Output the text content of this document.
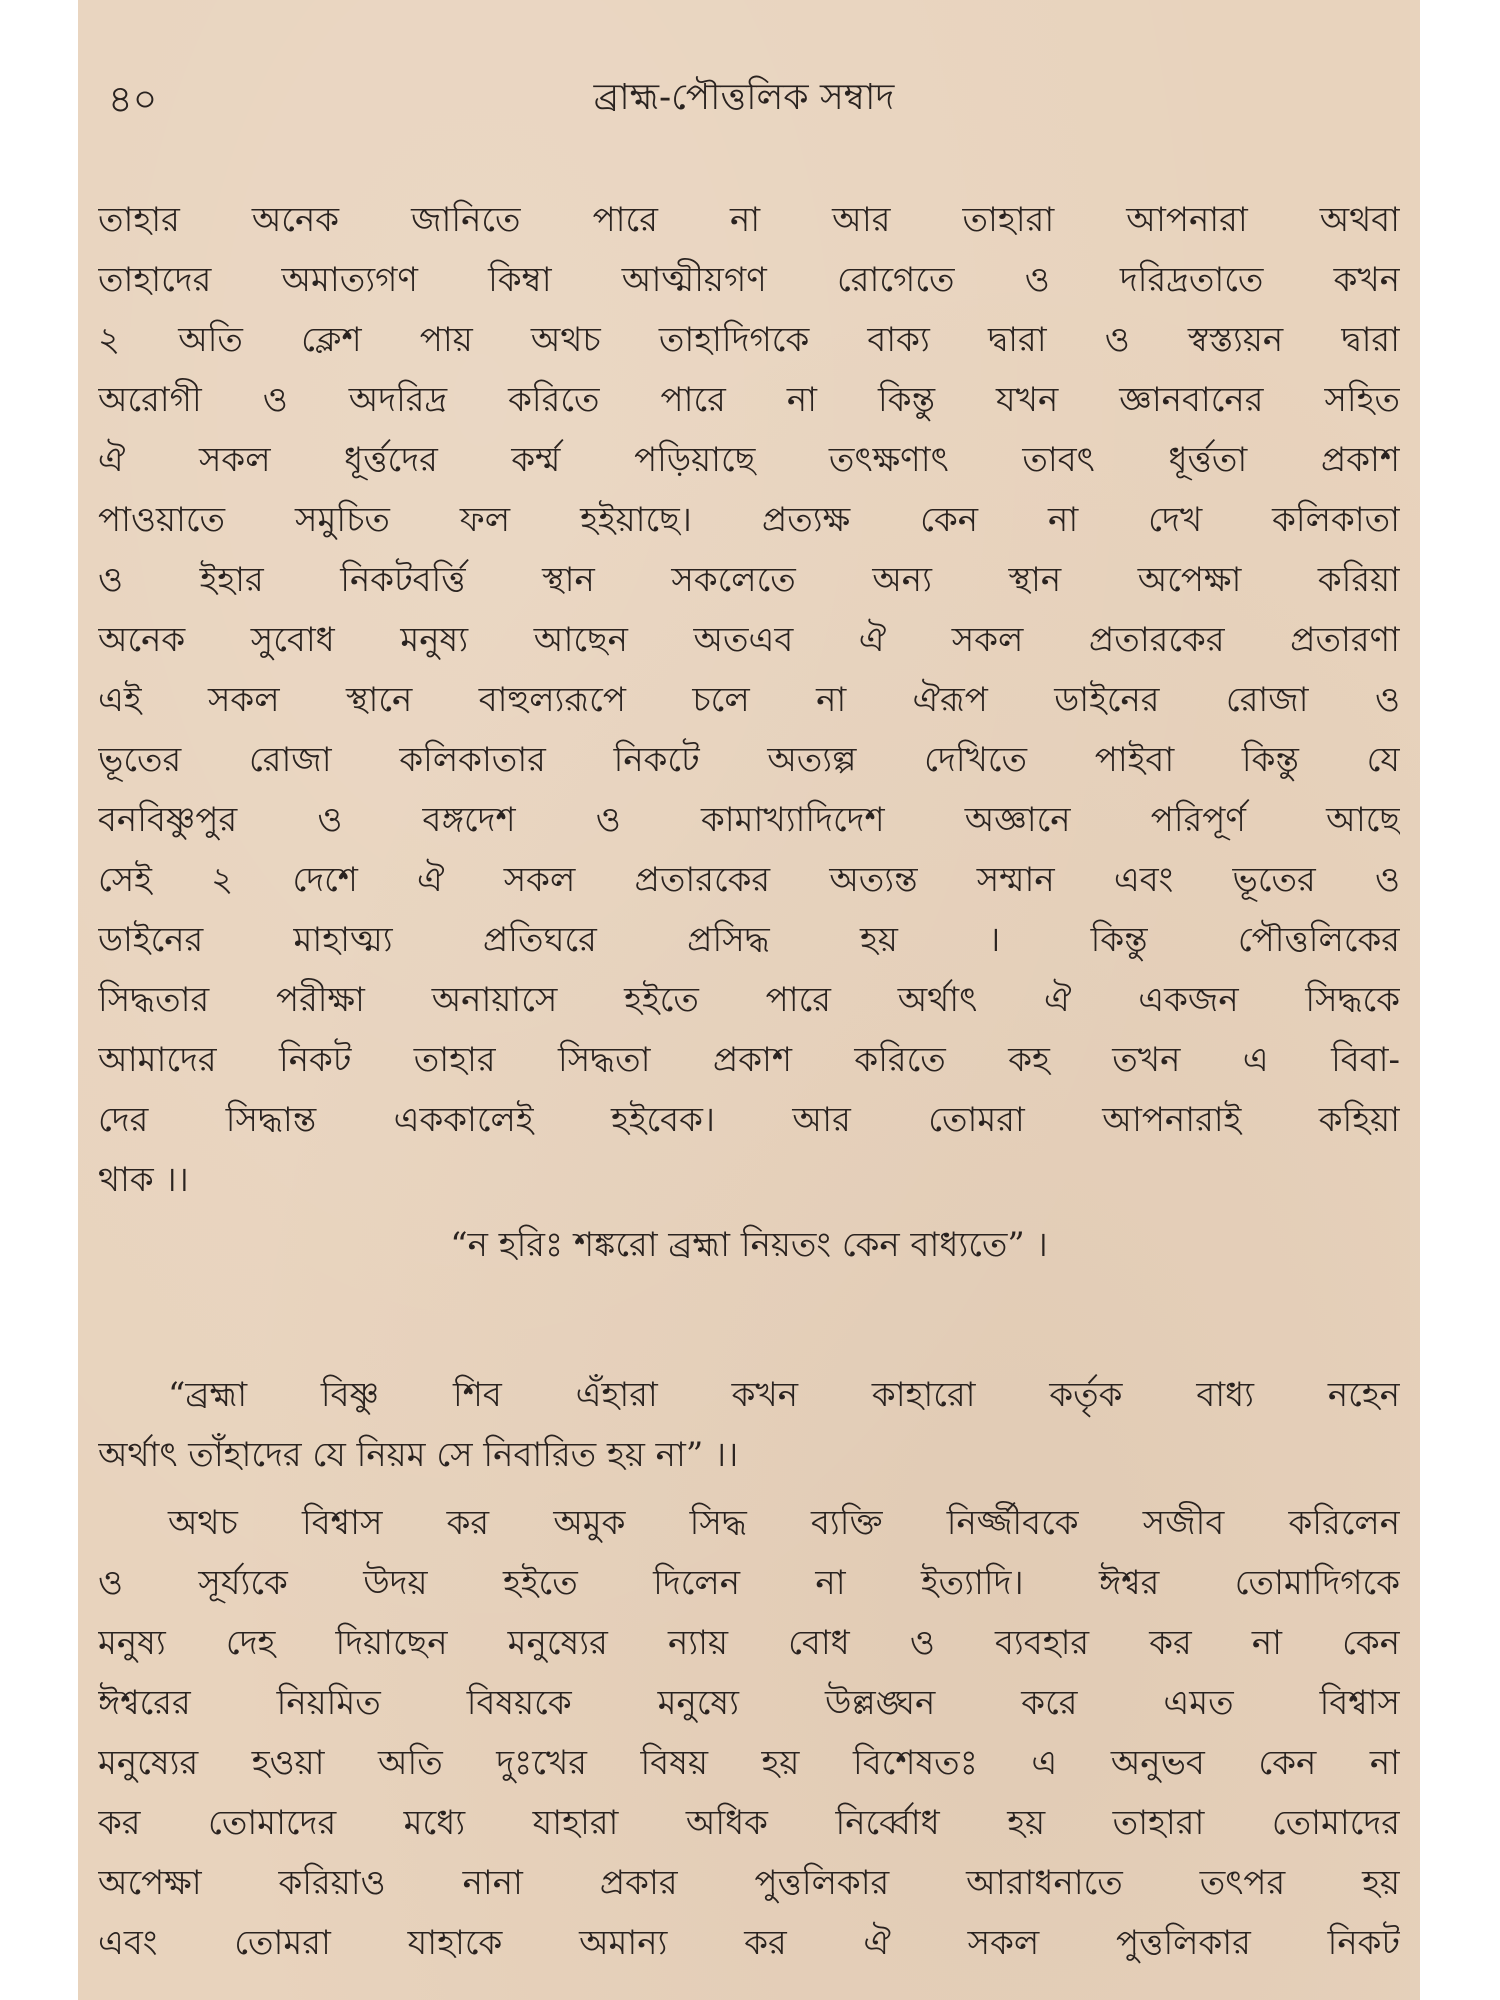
৪০	ব্রাহ্ম-পৌত্তলিক সম্বাদ
তাহার অনেক জানিতে পারে না আর তাহারা আপনারা অথবা
তাহাদের অমাত্যগণ কিম্বা আত্মীয়গণ রোগেতে ও দরিদ্রতাতে কখন
২ অতি ক্লেশ পায় অথচ তাহাদিগকে বাক্য দ্বারা ও স্বস্ত্যয়ন দ্বারা
অরোগী ও অদরিদ্র করিতে পারে না কিন্তু যখন জ্ঞানবানের সহিত
ঐ সকল ধূর্ত্তদের কর্ম্ম পড়িয়াছে তৎক্ষণাৎ তাবৎ ধূর্ত্ততা প্রকাশ
পাওয়াতে সমুচিত ফল হইয়াছে। প্রত্যক্ষ কেন না দেখ কলিকাতা
ও ইহার নিকটবর্ত্তি স্থান সকলেতে অন্য স্থান অপেক্ষা করিয়া
অনেক সুবোধ মনুষ্য আছেন অতএব ঐ সকল প্রতারকের প্রতারণা
এই সকল স্থানে বাহুল্যরূপে চলে না ঐরূপ ডাইনের রোজা ও
ভূতের রোজা কলিকাতার নিকটে অত্যল্প দেখিতে পাইবা কিন্তু যে
বনবিষ্ণুপুর ও বঙ্গদেশ ও কামাখ্যাদিদেশ অজ্ঞানে পরিপূর্ণ আছে
সেই ২ দেশে ঐ সকল প্রতারকের অত্যন্ত সম্মান এবং ভূতের ও
ডাইনের মাহাত্ম্য প্রতিঘরে প্রসিদ্ধ হয় । কিন্তু পৌত্তলিকের
সিদ্ধতার পরীক্ষা অনায়াসে হইতে পারে অর্থাৎ ঐ একজন সিদ্ধকে
আমাদের নিকট তাহার সিদ্ধতা প্রকাশ করিতে কহ তখন এ বিবা-
দের সিদ্ধান্ত এককালেই হইবেক। আর তোমরা আপনারাই কহিয়া
থাক ।।
“ন হরিঃ শঙ্করো ব্রহ্মা নিয়তং কেন বাধ্যতে” ।
“ব্রহ্মা বিষ্ণু শিব এঁহারা কখন কাহারো কর্তৃক বাধ্য নহেন
অর্থাৎ তাঁহাদের যে নিয়ম সে নিবারিত হয় না” ।।
অথচ বিশ্বাস কর অমুক সিদ্ধ ব্যক্তি নির্জ্জীবকে সজীব করিলেন
ও সূর্য্যকে উদয় হইতে দিলেন না ইত্যাদি। ঈশ্বর তোমাদিগকে
মনুষ্য দেহ দিয়াছেন মনুষ্যের ন্যায় বোধ ও ব্যবহার কর না কেন
ঈশ্বরের নিয়মিত বিষয়কে মনুষ্যে উল্লঙ্ঘন করে এমত বিশ্বাস
মনুষ্যের হওয়া অতি দুঃখের বিষয় হয় বিশেষতঃ এ অনুভব কেন না
কর তোমাদের মধ্যে যাহারা অধিক নির্ব্বোধ হয় তাহারা তোমাদের
অপেক্ষা করিয়াও নানা প্রকার পুত্তলিকার আরাধনাতে তৎপর হয়
এবং তোমরা যাহাকে অমান্য কর ঐ সকল পুত্তলিকার নিকট
